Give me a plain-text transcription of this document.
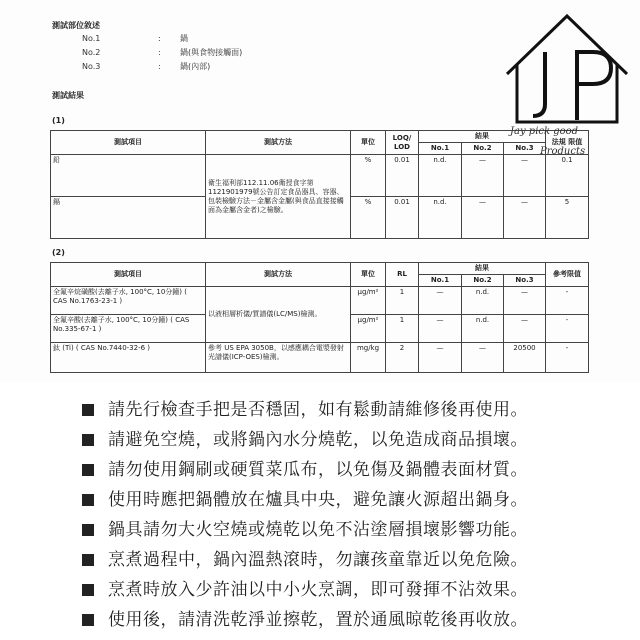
測試部位敘述
No.1	: 鍋
No.2	: 鍋(與食物接觸面)
No.3	: 鍋(內部)
測試結果
(1)
測試項目	測試方法	單位	LOQ/ LOD	結果			法規 限值
				No.1	No.2	No.3	
鉛	衛生福利部112.11.06衛授食字第1121901979號公告訂定食品器具、容器、包裝檢驗方法－金屬含金屬(與食品直接接觸面為金屬含金者)之檢驗。	%	0.01	n.d.	—	—	0.1
鎘		%	0.01	n.d.	—	—	5
(2)
測試項目	測試方法	單位	RL	結果			參考限值
				No.1	No.2	No.3	
全氟辛烷磺酸(去離子水, 100°C, 10分鐘) ( CAS No.1763-23-1 )	以液相層析儀/質譜儀(LC/MS)檢測。	μg/m²	1	—	n.d.	—	-
全氟辛酸(去離子水, 100°C, 10分鐘) ( CAS No.335-67-1 )		μg/m²	1	—	n.d.	—	-
鈦 (Ti) ( CAS No.7440-32-6 )	參考 US EPA 3050B，以感應耦合電漿發射光譜儀(ICP-OES)檢測。	mg/kg	2	—	—	20500	-
Jay pick good
Products
請先行檢查手把是否穩固，如有鬆動請維修後再使用。
請避免空燒，或將鍋內水分燒乾，以免造成商品損壞。
請勿使用鋼刷或硬質菜瓜布，以免傷及鍋體表面材質。
使用時應把鍋體放在爐具中央，避免讓火源超出鍋身。
鍋具請勿大火空燒或燒乾以免不沾塗層損壞影響功能。
烹煮過程中，鍋內溫熱滾時，勿讓孩童靠近以免危險。
烹煮時放入少許油以中小火烹調，即可發揮不沾效果。
使用後，請清洗乾淨並擦乾，置於通風晾乾後再收放。
